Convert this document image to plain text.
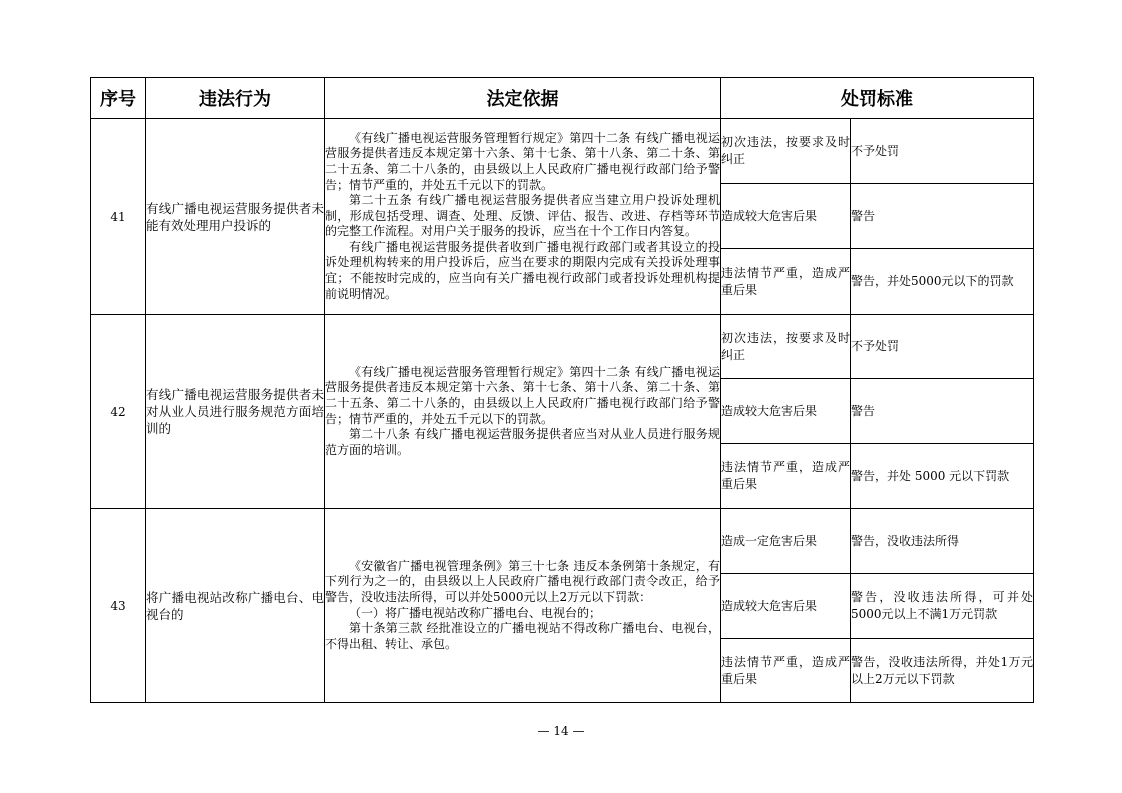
序号	违法行为	法定依据	处罚标准	
41	有线广播电视运营服务提供者未能有效处理用户投诉的	《有线广播电视运营服务管理暂行规定》第四十二条 有线广播电视运营服务提供者违反本规定第十六条、第十七条、第十八条、第二十条、第二十五条、第二十八条的，由县级以上人民政府广播电视行政部门给予警告；情节严重的，并处五千元以下的罚款。

第二十五条 有线广播电视运营服务提供者应当建立用户投诉处理机制，形成包括受理、调查、处理、反馈、评估、报告、改进、存档等环节的完整工作流程。对用户关于服务的投诉，应当在十个工作日内答复。

有线广播电视运营服务提供者收到广播电视行政部门或者其设立的投诉处理机构转来的用户投诉后，应当在要求的期限内完成有关投诉处理事宜；不能按时完成的，应当向有关广播电视行政部门或者投诉处理机构提前说明情况。	初次违法，按要求及时纠正	不予处罚
			造成较大危害后果	警告
			违法情节严重，造成严重后果	警告，并处5000元以下的罚款
42	有线广播电视运营服务提供者未对从业人员进行服务规范方面培训的	《有线广播电视运营服务管理暂行规定》第四十二条 有线广播电视运营服务提供者违反本规定第十六条、第十七条、第十八条、第二十条、第二十五条、第二十八条的，由县级以上人民政府广播电视行政部门给予警告；情节严重的，并处五千元以下的罚款。

第二十八条 有线广播电视运营服务提供者应当对从业人员进行服务规范方面的培训。	初次违法，按要求及时纠正	不予处罚
			造成较大危害后果	警告
			违法情节严重，造成严重后果	警告，并处 5000 元以下罚款
43	将广播电视站改称广播电台、电视台的	《安徽省广播电视管理条例》第三十七条 违反本条例第十条规定，有下列行为之一的，由县级以上人民政府广播电视行政部门责令改正，给予警告，没收违法所得，可以并处5000元以上2万元以下罚款：

（一）将广播电视站改称广播电台、电视台的；

第十条第三款 经批准设立的广播电视站不得改称广播电台、电视台，不得出租、转让、承包。	造成一定危害后果	警告，没收违法所得
			造成较大危害后果	警告，没收违法所得，可并处5000元以上不满1万元罚款
			违法情节严重，造成严重后果	警告，没收违法所得，并处1万元以上2万元以下罚款
— 14 —
